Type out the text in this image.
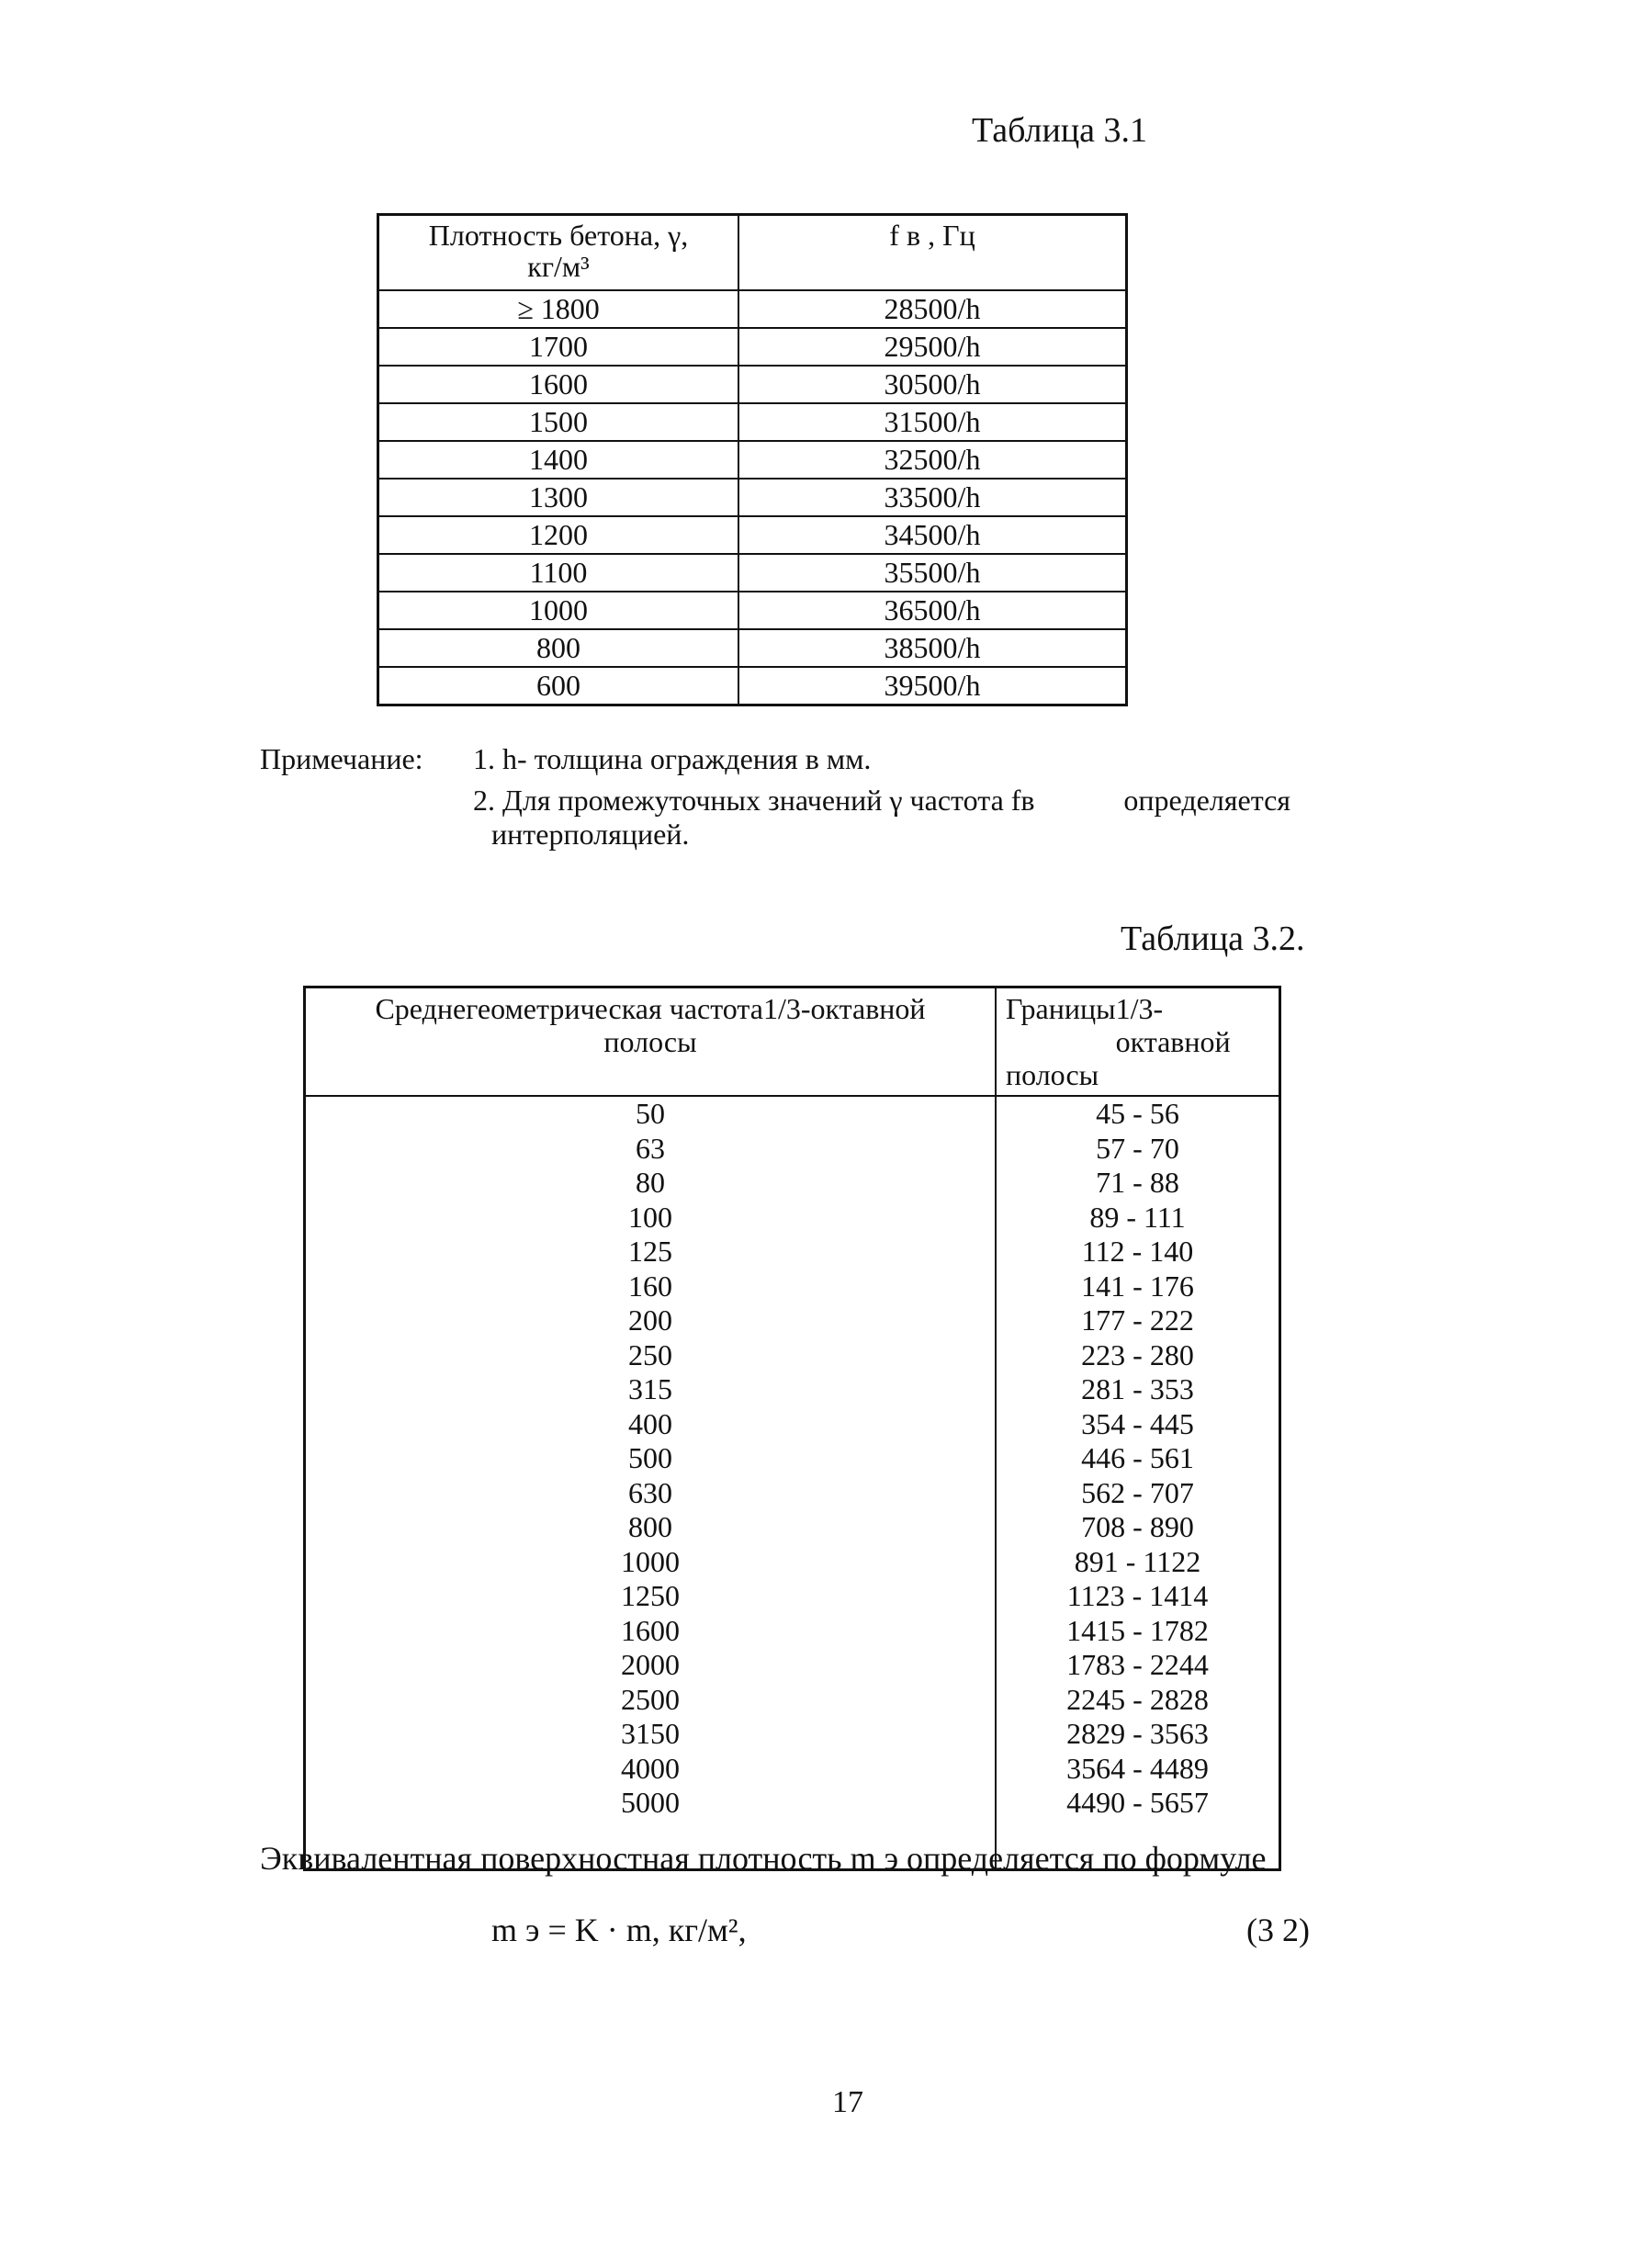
Таблица 3.1
Плотность бетона, γ,
кг/м³	f в , Гц
≥ 1800	28500/h
1700	29500/h
1600	30500/h
1500	31500/h
1400	32500/h
1300	33500/h
1200	34500/h
1100	35500/h
1000	36500/h
800	38500/h
600	39500/h
Примечание: 1. h- толщина ограждения в мм.
2. Для промежуточных значений γ частота fв	определяется
интерполяцией.
Таблица 3.2.
Среднегеометрическая частота1/3-октавной полосы	Границы 1/3-октавной
полосы

50	45 - 56
63	57 - 70
80	71 - 88
100	89 - 111
125	112 - 140
160	141 - 176
200	177 - 222
250	223 - 280
315	281 - 353
400	354 - 445
500	446 - 561
630	562 - 707
800	708 - 890
1000	891 - 1122
1250	1123 - 1414
1600	1415 - 1782
2000	1783 - 2244
2500	2245 - 2828
3150	2829 - 3563
4000	3564 - 4489
5000	4490 - 5657

Эквивалентная поверхностная плотность m э определяется по формуле
m э = K · m, кг/м²,	(3 2)
17
